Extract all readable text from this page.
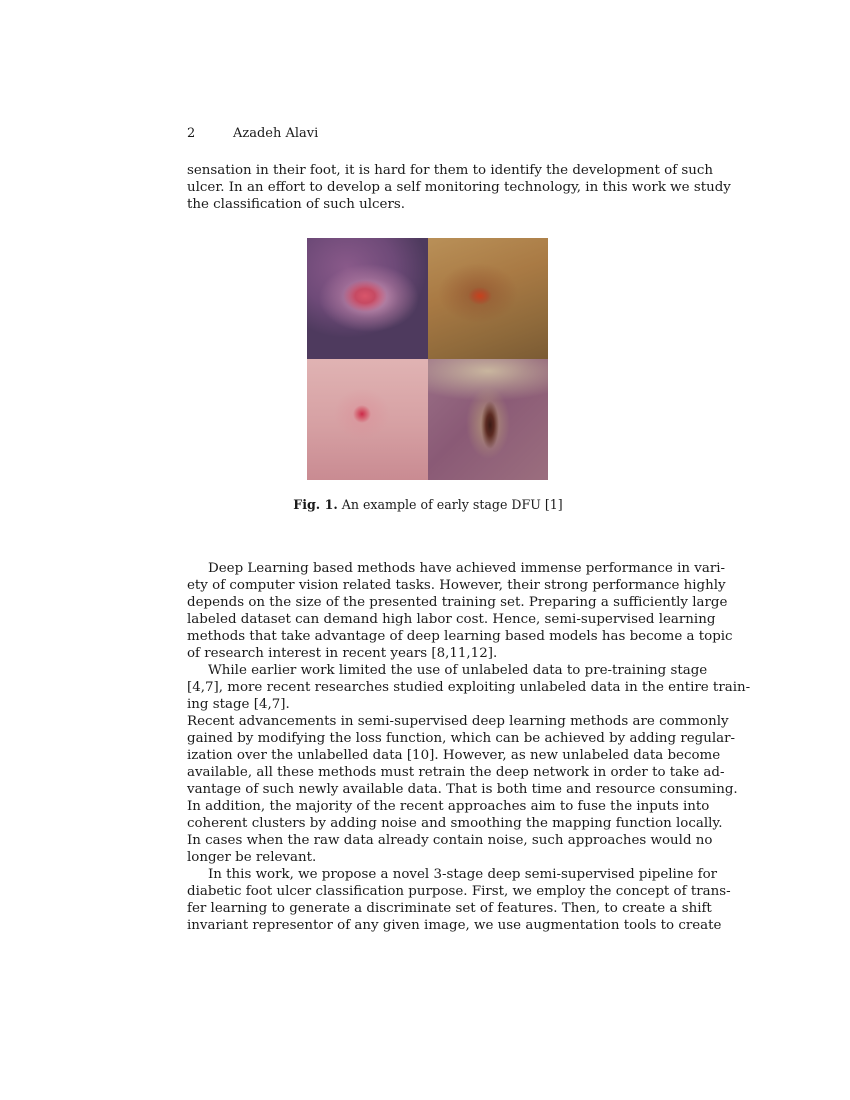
2	Azadeh Alavi

sensation in their foot, it is hard for them to identify the development of such
ulcer. In an effort to develop a self monitoring technology, in this work we study
the classification of such ulcers.

Fig. 1. An example of early stage DFU [1]

Deep Learning based methods have achieved immense performance in vari-
ety of computer vision related tasks. However, their strong performance highly
depends on the size of the presented training set. Preparing a sufficiently large
labeled dataset can demand high labor cost. Hence, semi-supervised learning
methods that take advantage of deep learning based models has become a topic
of research interest in recent years [8,11,12].

While earlier work limited the use of unlabeled data to pre-training stage
[4,7], more recent researches studied exploiting unlabeled data in the entire train-
ing stage [4,7].

Recent advancements in semi-supervised deep learning methods are commonly
gained by modifying the loss function, which can be achieved by adding regular-
ization over the unlabelled data [10]. However, as new unlabeled data become
available, all these methods must retrain the deep network in order to take ad-
vantage of such newly available data. That is both time and resource consuming.
In addition, the majority of the recent approaches aim to fuse the inputs into
coherent clusters by adding noise and smoothing the mapping function locally.
In cases when the raw data already contain noise, such approaches would no
longer be relevant.

In this work, we propose a novel 3-stage deep semi-supervised pipeline for
diabetic foot ulcer classification purpose. First, we employ the concept of trans-
fer learning to generate a discriminate set of features. Then, to create a shift
invariant representor of any given image, we use augmentation tools to create
